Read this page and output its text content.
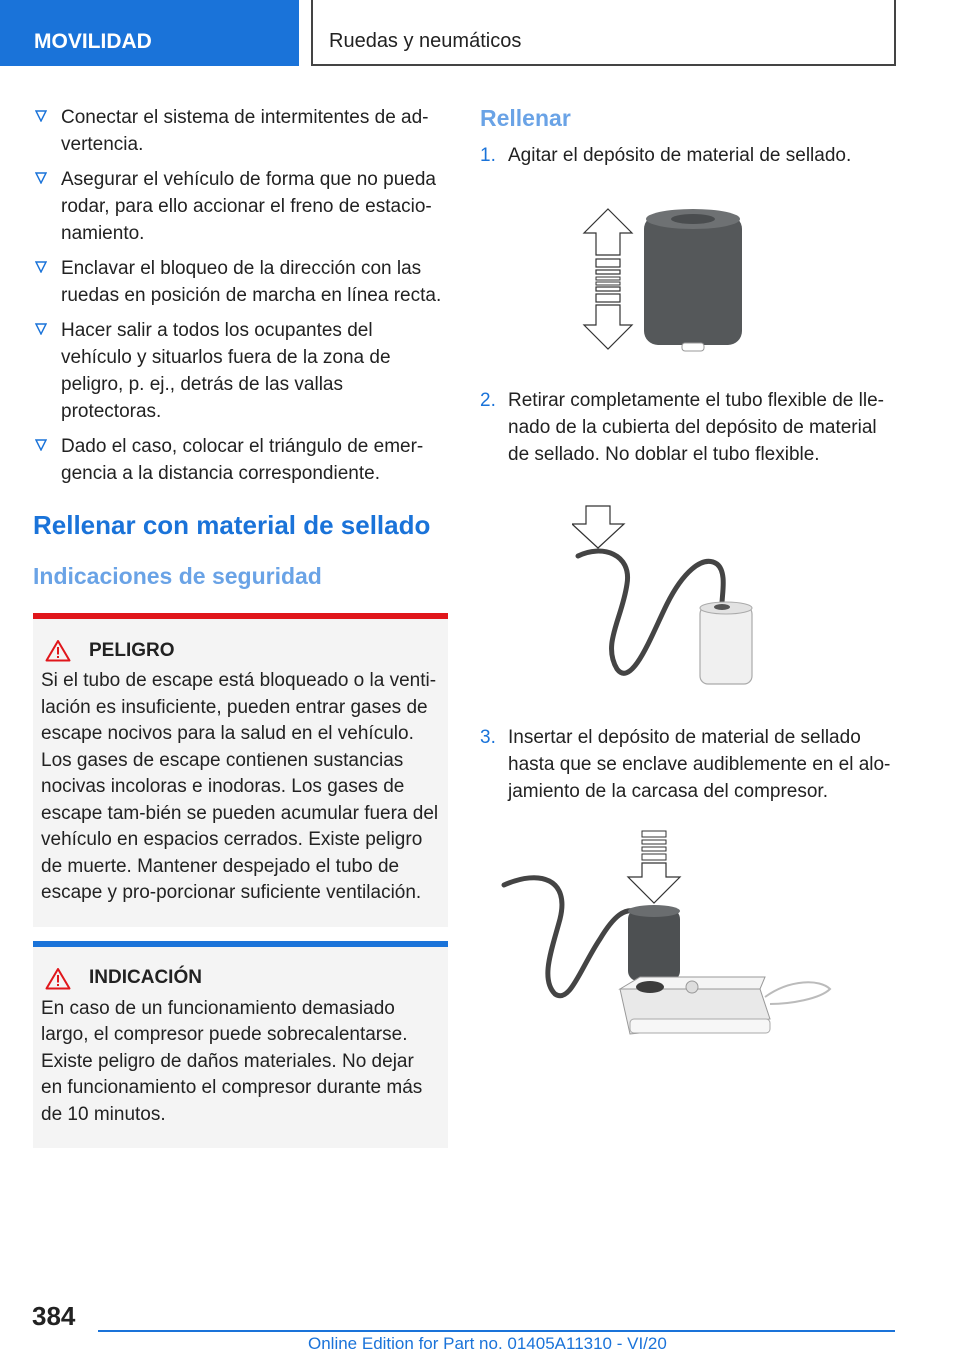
MOVILIDAD	Ruedas y neumáticos
Conectar el sistema de intermitentes de ad-vertencia.
Asegurar el vehículo de forma que no pueda rodar, para ello accionar el freno de estacio-namiento.
Enclavar el bloqueo de la dirección con las ruedas en posición de marcha en línea recta.
Hacer salir a todos los ocupantes del vehículo y situarlos fuera de la zona de peligro, p. ej., detrás de las vallas protectoras.
Dado el caso, colocar el triángulo de emer-gencia a la distancia correspondiente.
Rellenar con material de sellado
Indicaciones de seguridad
PELIGRO
Si el tubo de escape está bloqueado o la venti-lación es insuficiente, pueden entrar gases de escape nocivos para la salud en el vehículo. Los gases de escape contienen sustancias nocivas incoloras e inodoras. Los gases de escape tam-bién se pueden acumular fuera del vehículo en espacios cerrados. Existe peligro de muerte. Mantener despejado el tubo de escape y pro-porcionar suficiente ventilación.
INDICACIÓN
En caso de un funcionamiento demasiado largo, el compresor puede sobrecalentarse. Existe peligro de daños materiales. No dejar en funcionamiento el compresor durante más de 10 minutos.
Rellenar
1. Agitar el depósito de material de sellado.
2. Retirar completamente el tubo flexible de lle-nado de la cubierta del depósito de material de sellado. No doblar el tubo flexible.
3. Insertar el depósito de material de sellado hasta que se enclave audiblemente en el alo-jamiento de la carcasa del compresor.
384
Online Edition for Part no. 01405A11310 - VI/20
